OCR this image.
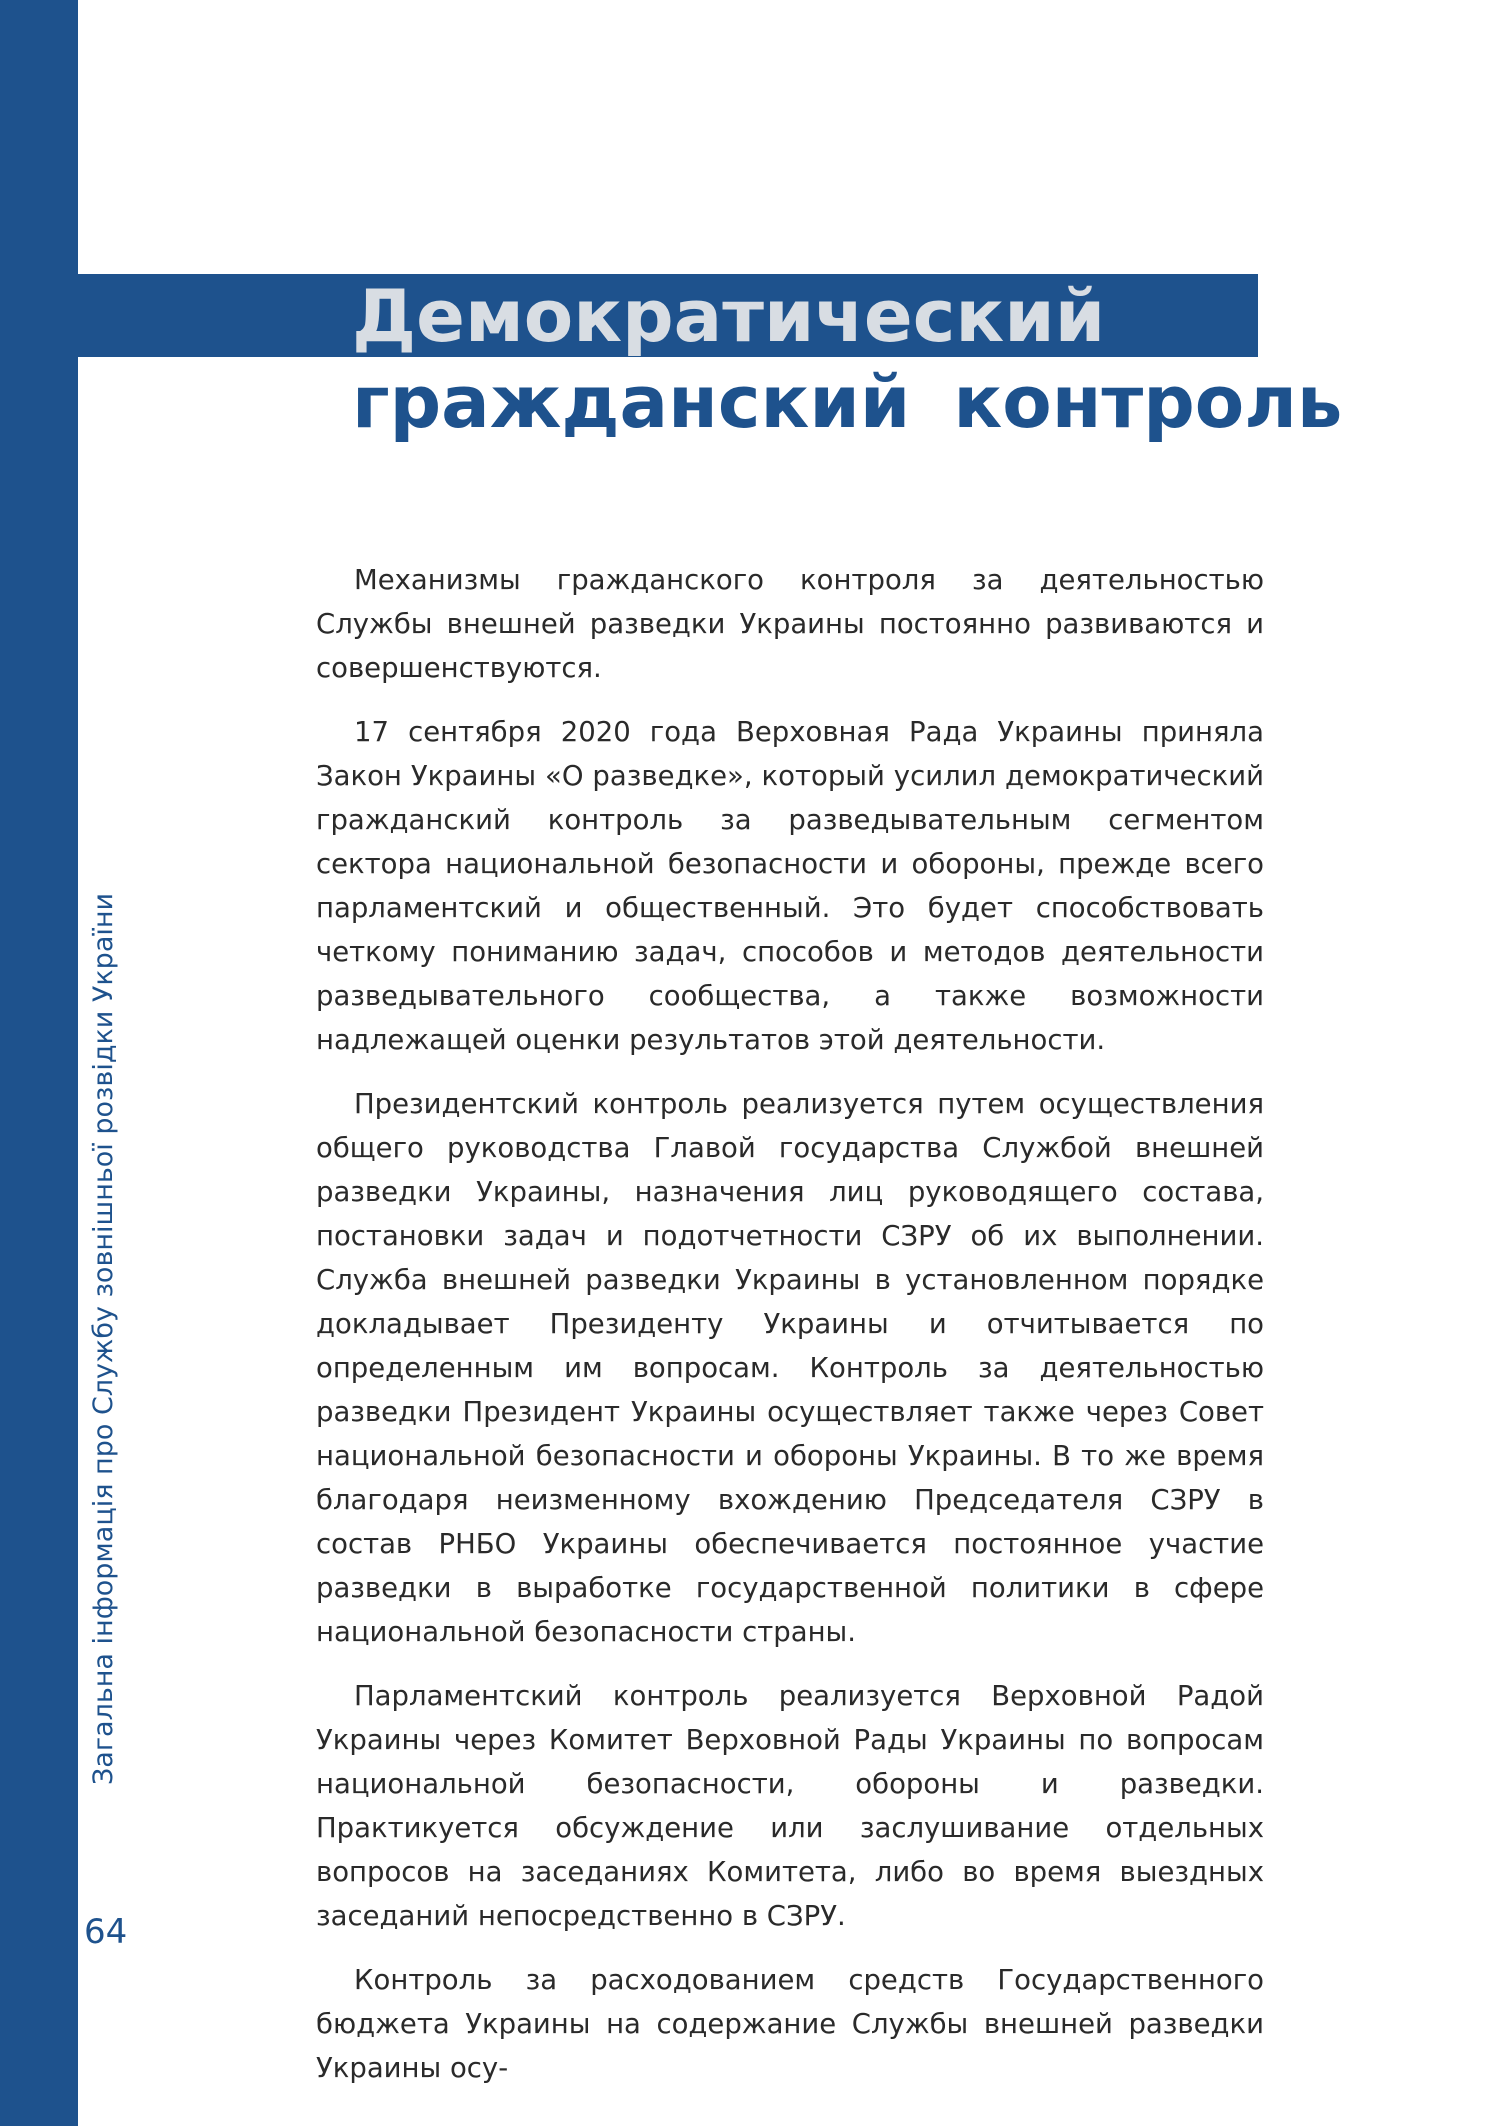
64
Демократический
гражданский контроль

Механизмы гражданского контроля за деятельностью Службы внешней разведки Украины постоянно развиваются и совершенствуются.

17 сентября 2020 года Верховная Рада Украины приняла Закон Украины «О разведке», который усилил демократический гражданский контроль за разведывательным сегментом сектора национальной безопасности и обороны, прежде всего парламентский и общественный. Это будет способствовать четкому пониманию задач, способов и методов деятельности разведывательного сообщества, а также возможности надлежащей оценки результатов этой деятельности.

Президентский контроль реализуется путем осуществления общего руководства Главой государства Службой внешней разведки Украины, назначения лиц руководящего состава, постановки задач и подотчетности СЗРУ об их выполнении. Служба внешней разведки Украины в установленном порядке докладывает Президенту Украины и отчитывается по определенным им вопросам. Контроль за деятельностью разведки Президент Украины осуществляет также через Совет национальной безопасности и обороны Украины. В то же время благодаря неизменному вхождению Председателя СЗРУ в состав РНБО Украины обеспечивается постоянное участие разведки в выработке государственной политики в сфере национальной безопасности страны.

Парламентский контроль реализуется Верховной Радой Украины через Комитет Верховной Рады Украины по вопросам национальной безопасности, обороны и разведки. Практикуется обсуждение или заслушивание отдельных вопросов на заседаниях Комитета, либо во время выездных заседаний непосредственно в СЗРУ.

Контроль за расходованием средств Государственного бюджета Украины на содержание Службы внешней разведки Украины осу-
